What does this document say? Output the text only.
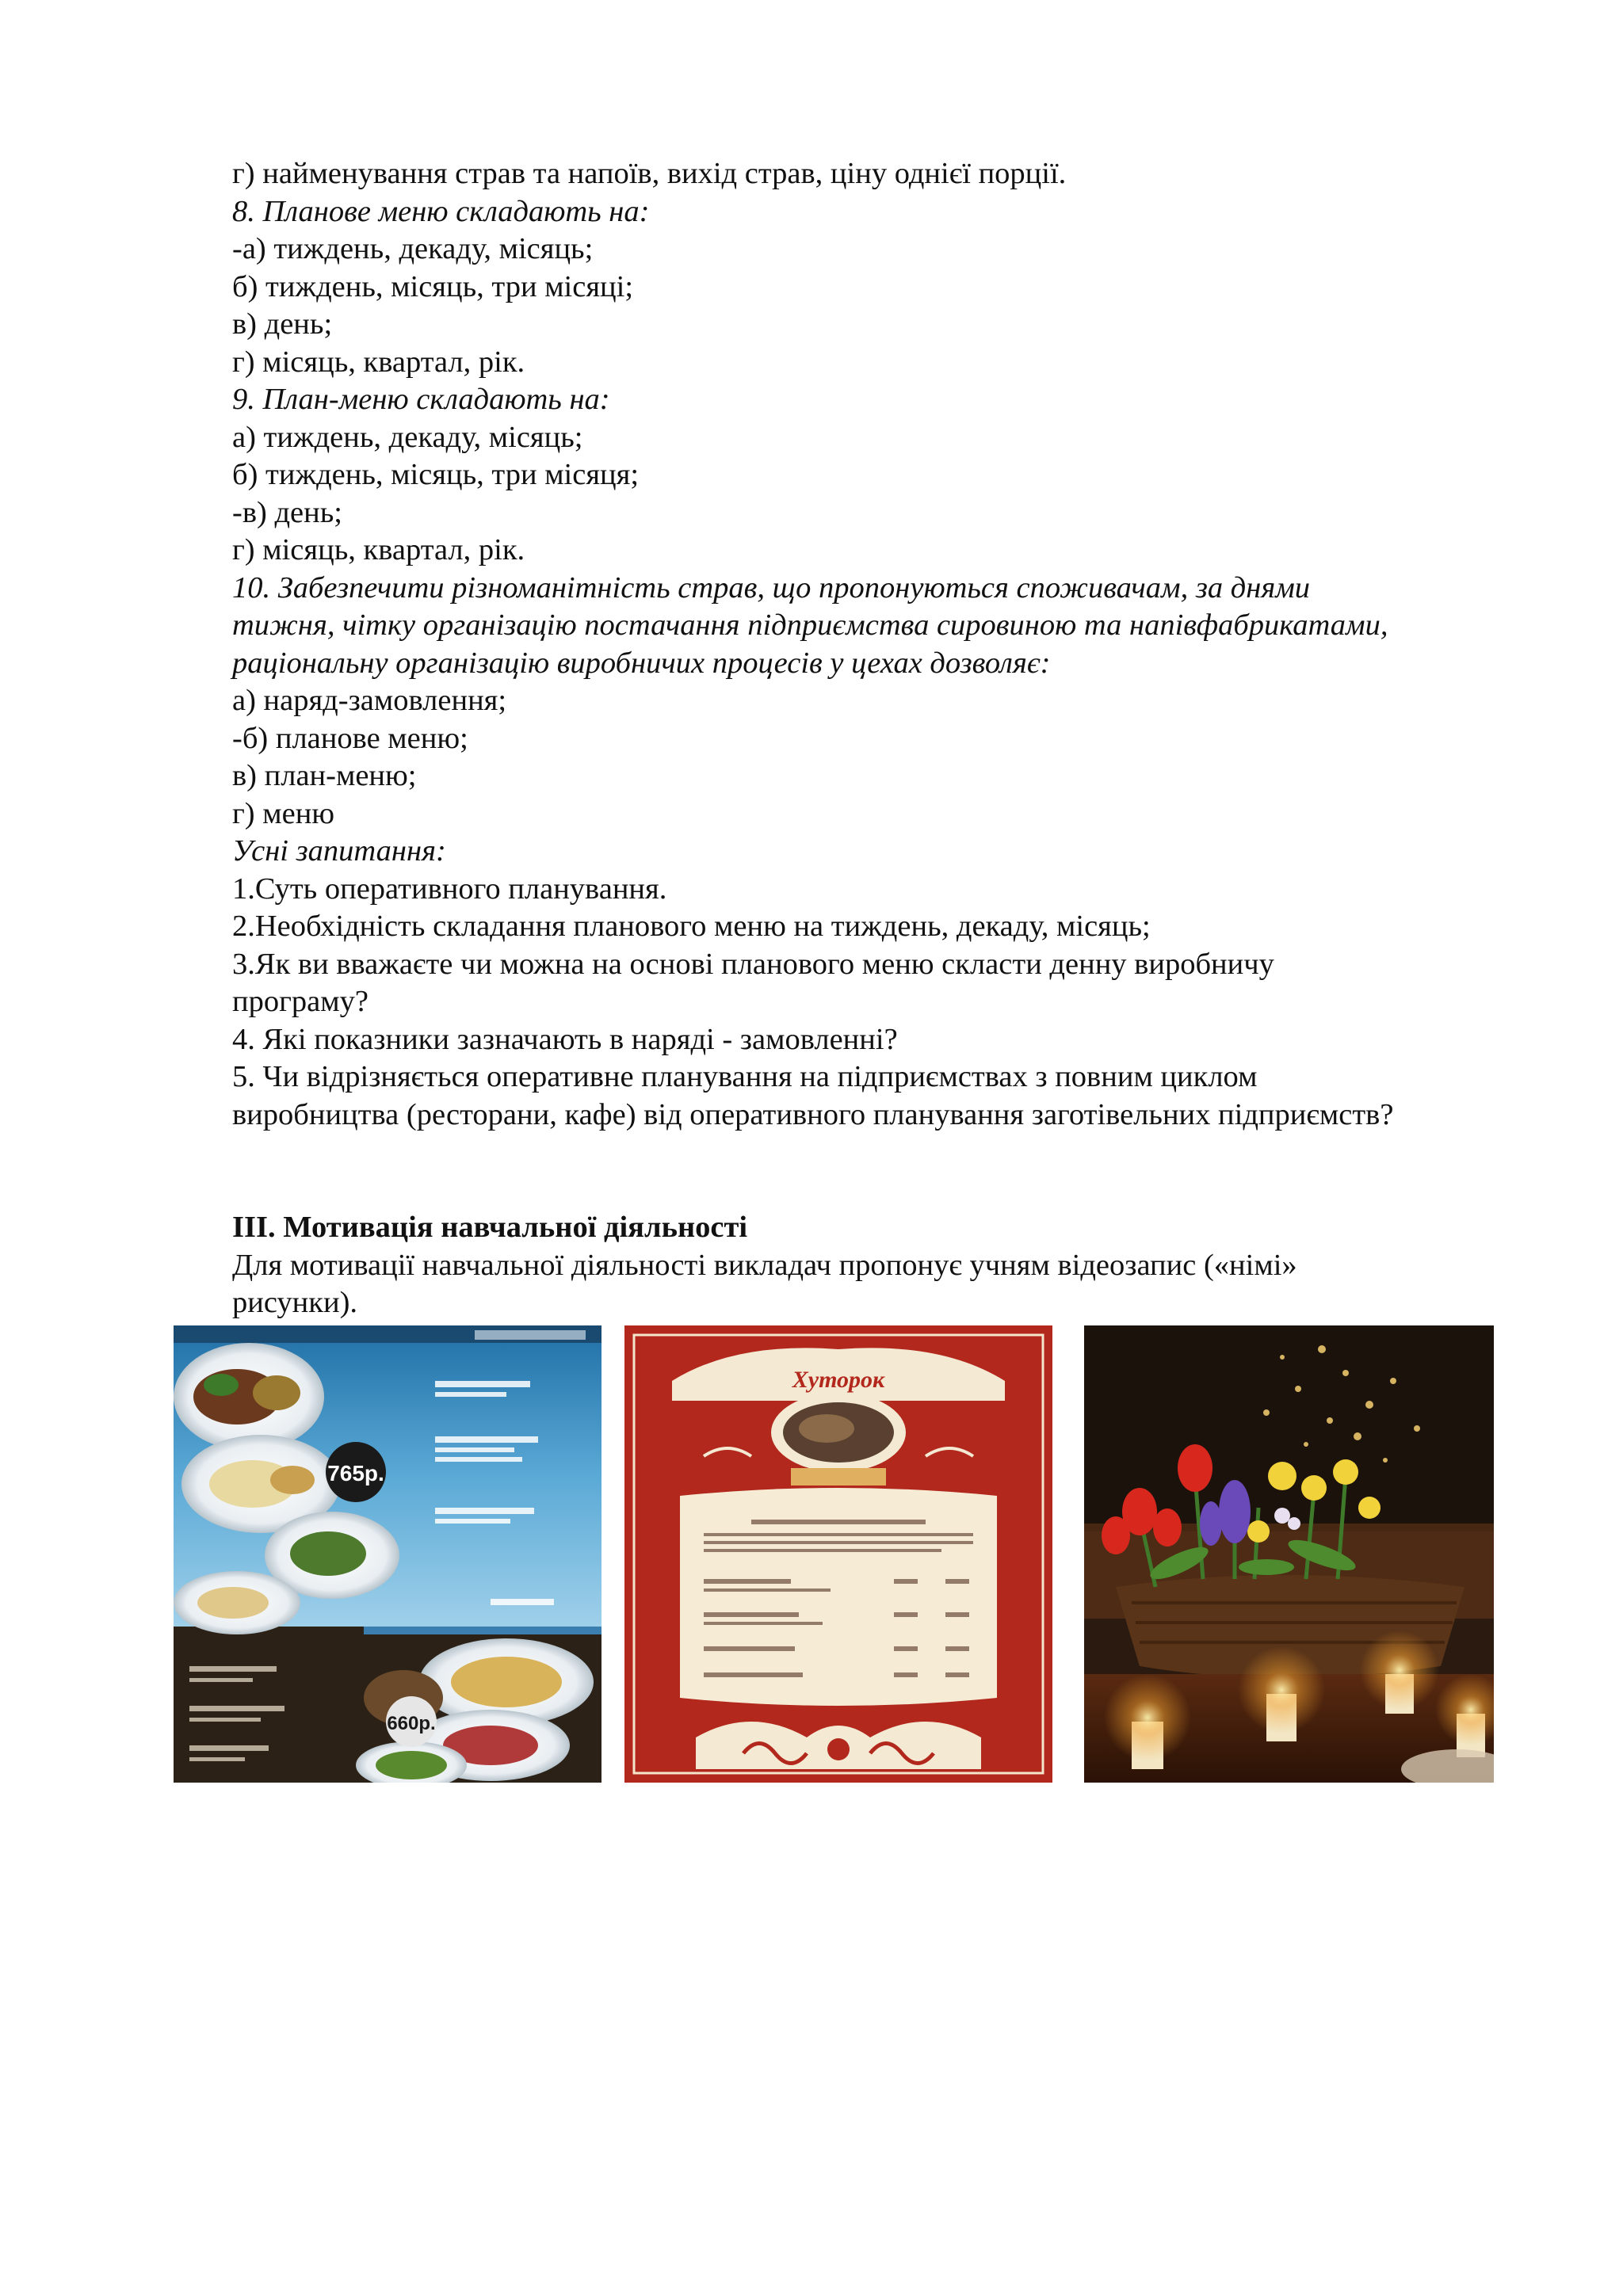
г) найменування страв та напоїв, вихід страв, ціну однієї порції.
8. Планове меню складають на:
-а) тиждень, декаду, місяць;
б) тиждень, місяць, три місяці;
в) день;
г) місяць, квартал, рік.
9. План-меню складають на:
а) тиждень, декаду, місяць;
б) тиждень, місяць, три місяця;
-в) день;
г) місяць, квартал, рік.
10. Забезпечити різноманітність страв, що пропонуються споживачам, за днями
тижня, чітку організацію постачання підприємства сировиною та напівфабрикатами,
раціональну організацію виробничих процесів у цехах дозволяє:
а) наряд-замовлення;
-б) планове меню;
в) план-меню;
г) меню
Усні запитання:
1.Суть оперативного планування.
2.Необхідність складання планового меню на тиждень, декаду, місяць;
3.Як ви вважаєте чи можна на основі планового меню скласти денну виробничу
програму?
4. Які показники зазначають в наряді - замовленні?
5. Чи відрізняється оперативне планування на підприємствах з повним циклом
виробництва (ресторани, кафе) від оперативного планування заготівельних підприємств?
III. Мотивація навчальної діяльності
Для мотивації навчальної діяльності викладач пропонує учням відеозапис («німі»
рисунки).
765р.
660р.
Хуторок
